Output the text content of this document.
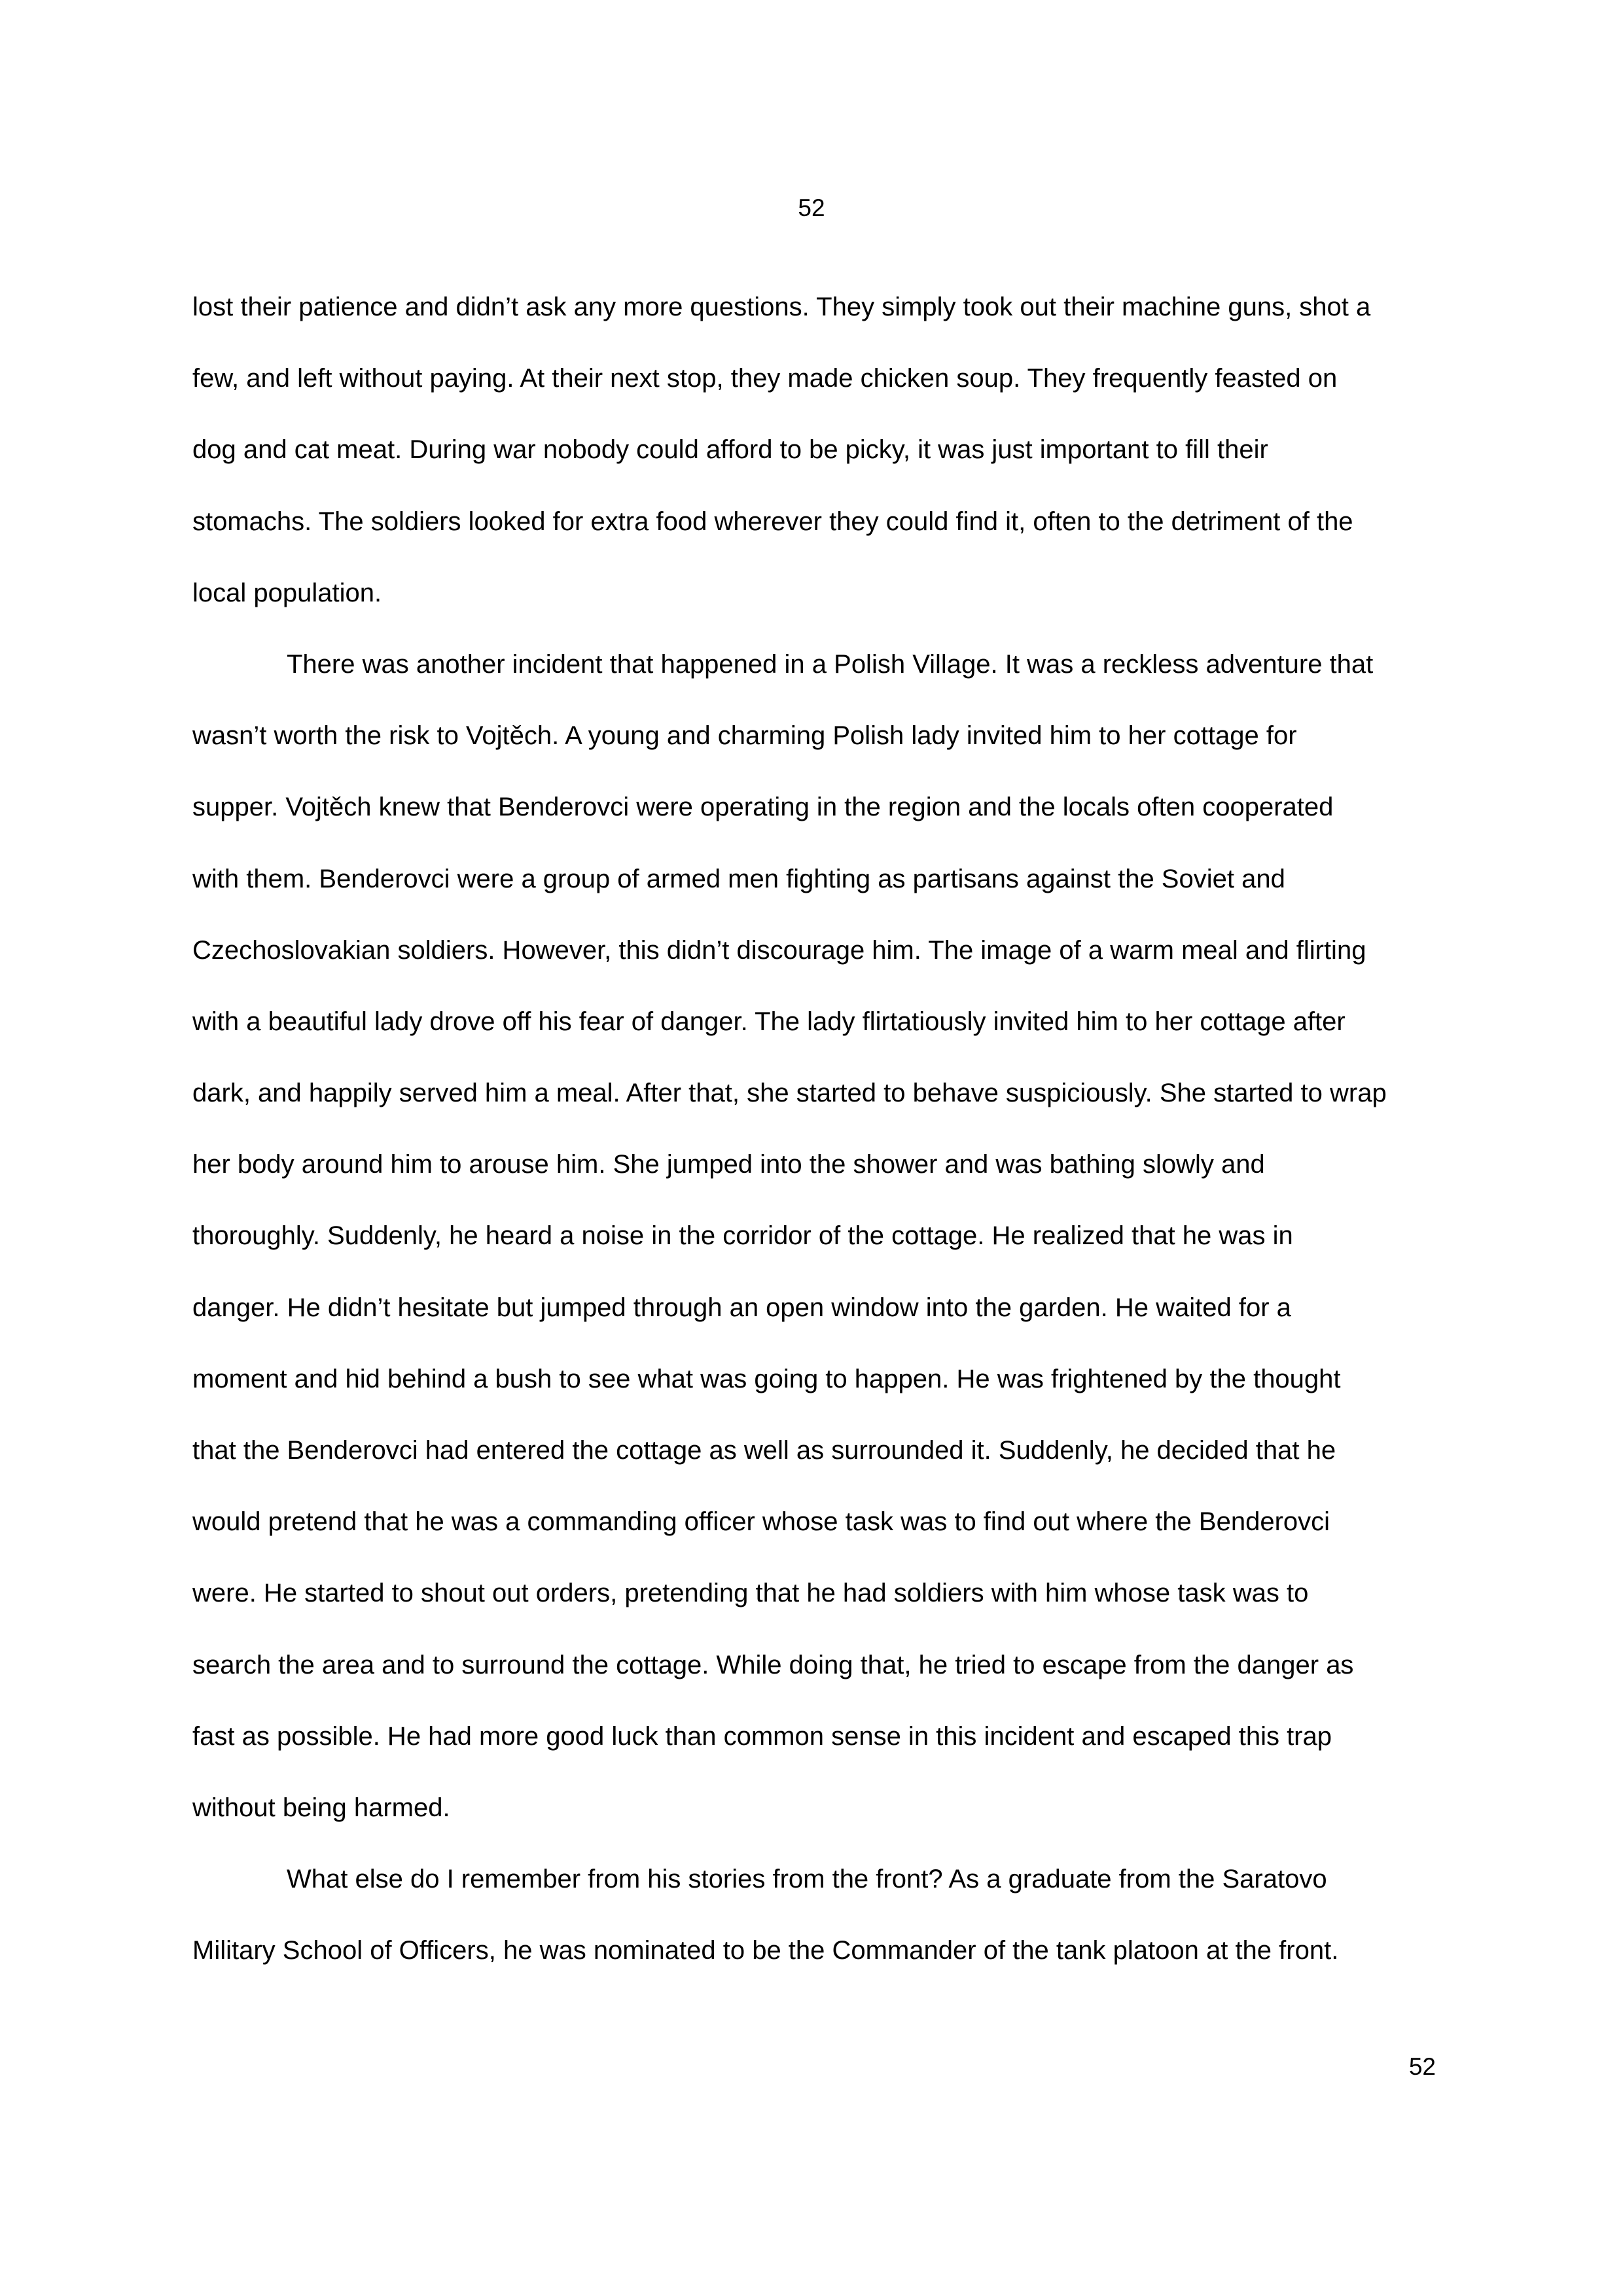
52
lost their patience and didn’t ask any more questions. They simply took out their machine guns, shot a
few, and left without paying. At their next stop, they made chicken soup. They frequently feasted on
dog and cat meat. During war nobody could afford to be picky, it was just important to fill their
stomachs. The soldiers looked for extra food wherever they could find it, often to the detriment of the
local population.
There was another incident that happened in a Polish Village. It was a reckless adventure that
wasn’t worth the risk to Vojtěch. A young and charming Polish lady invited him to her cottage for
supper. Vojtěch knew that Benderovci were operating in the region and the locals often cooperated
with them. Benderovci were a group of armed men fighting as partisans against the Soviet and
Czechoslovakian soldiers. However, this didn’t discourage him. The image of a warm meal and flirting
with a beautiful lady drove off his fear of danger. The lady flirtatiously invited him to her cottage after
dark, and happily served him a meal. After that, she started to behave suspiciously. She started to wrap
her body around him to arouse him. She jumped into the shower and was bathing slowly and
thoroughly. Suddenly, he heard a noise in the corridor of the cottage. He realized that he was in
danger. He didn’t hesitate but jumped through an open window into the garden. He waited for a
moment and hid behind a bush to see what was going to happen. He was frightened by the thought
that the Benderovci had entered the cottage as well as surrounded it. Suddenly, he decided that he
would pretend that he was a commanding officer whose task was to find out where the Benderovci
were. He started to shout out orders, pretending that he had soldiers with him whose task was to
search the area and to surround the cottage. While doing that, he tried to escape from the danger as
fast as possible. He had more good luck than common sense in this incident and escaped this trap
without being harmed.
What else do I remember from his stories from the front? As a graduate from the Saratovo
Military School of Officers, he was nominated to be the Commander of the tank platoon at the front.
52
